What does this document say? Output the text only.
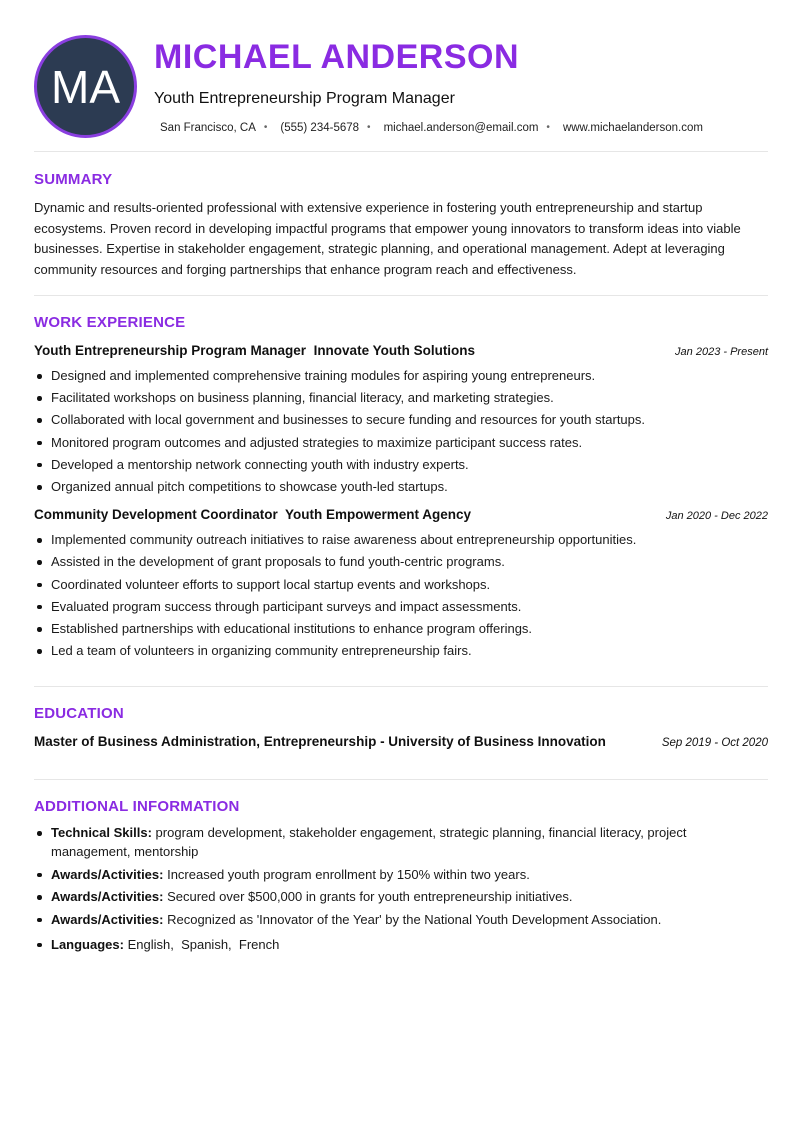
MA
MICHAEL ANDERSON
Youth Entrepreneurship Program Manager
San Francisco, CA • (555) 234-5678 • michael.anderson@email.com • www.michaelanderson.com
SUMMARY

Dynamic and results-oriented professional with extensive experience in fostering youth entrepreneurship and startup ecosystems. Proven record in developing impactful programs that empower young innovators to transform ideas into viable businesses. Expertise in stakeholder engagement, strategic planning, and operational management. Adept at leveraging community resources and forging partnerships that enhance program reach and effectiveness.

WORK EXPERIENCE
Youth Entrepreneurship Program Manager Innovate Youth Solutions	Jan 2023 - Present
Designed and implemented comprehensive training modules for aspiring young entrepreneurs.
Facilitated workshops on business planning, financial literacy, and marketing strategies.
Collaborated with local government and businesses to secure funding and resources for youth startups.
Monitored program outcomes and adjusted strategies to maximize participant success rates.
Developed a mentorship network connecting youth with industry experts.
Organized annual pitch competitions to showcase youth-led startups.
Community Development Coordinator Youth Empowerment Agency	Jan 2020 - Dec 2022
Implemented community outreach initiatives to raise awareness about entrepreneurship opportunities.
Assisted in the development of grant proposals to fund youth-centric programs.
Coordinated volunteer efforts to support local startup events and workshops.
Evaluated program success through participant surveys and impact assessments.
Established partnerships with educational institutions to enhance program offerings.
Led a team of volunteers in organizing community entrepreneurship fairs.
EDUCATION
Master of Business Administration, Entrepreneurship - University of Business Innovation	Sep 2019 - Oct 2020
ADDITIONAL INFORMATION
Technical Skills: program development, stakeholder engagement, strategic planning, financial literacy, project management, mentorship
Awards/Activities: Increased youth program enrollment by 150% within two years.
Awards/Activities: Secured over $500,000 in grants for youth entrepreneurship initiatives.
Awards/Activities: Recognized as 'Innovator of the Year' by the National Youth Development Association.
Languages: English,  Spanish,  French
